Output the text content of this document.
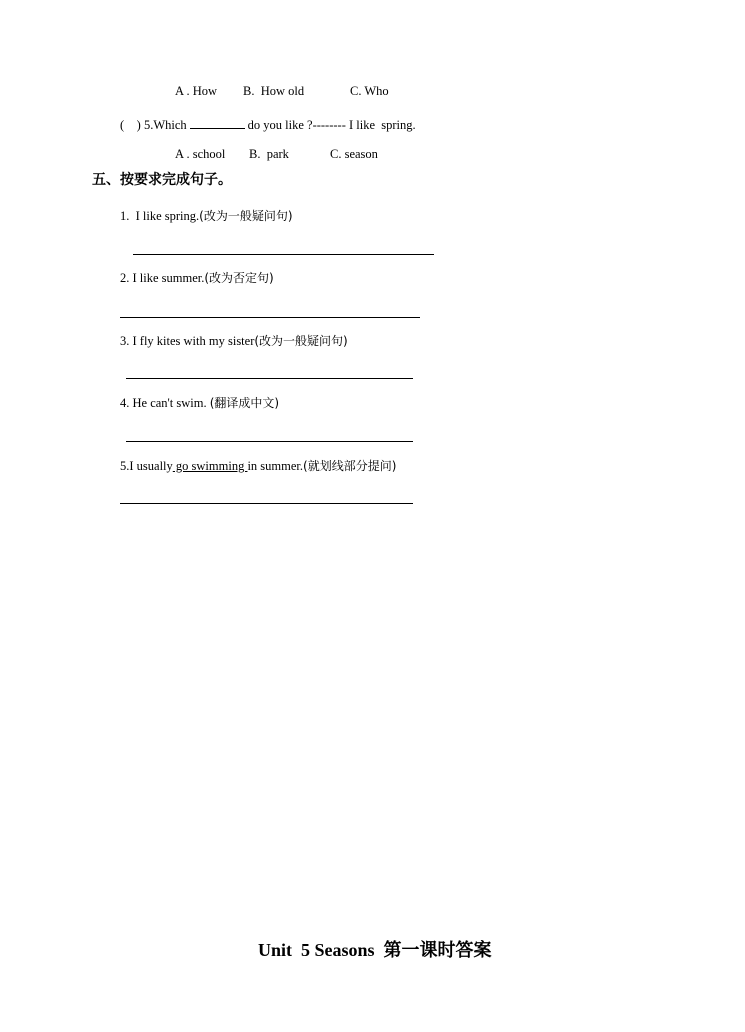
A . How B.  How old	C. Who
(    ) 5.Which	do you like ?-------- I like  spring.
A . school B.  park	C. season
五、按要求完成句子。
1.  I like spring.(改为一般疑问句)
2. I like summer.(改为否定句)
3. I fly kites with my sister(改为一般疑问句)
4. He can't swim. (翻译成中文)
5.I usually go swimming in summer.(就划线部分提问)
Unit  5 Seasons 第一课时答案
